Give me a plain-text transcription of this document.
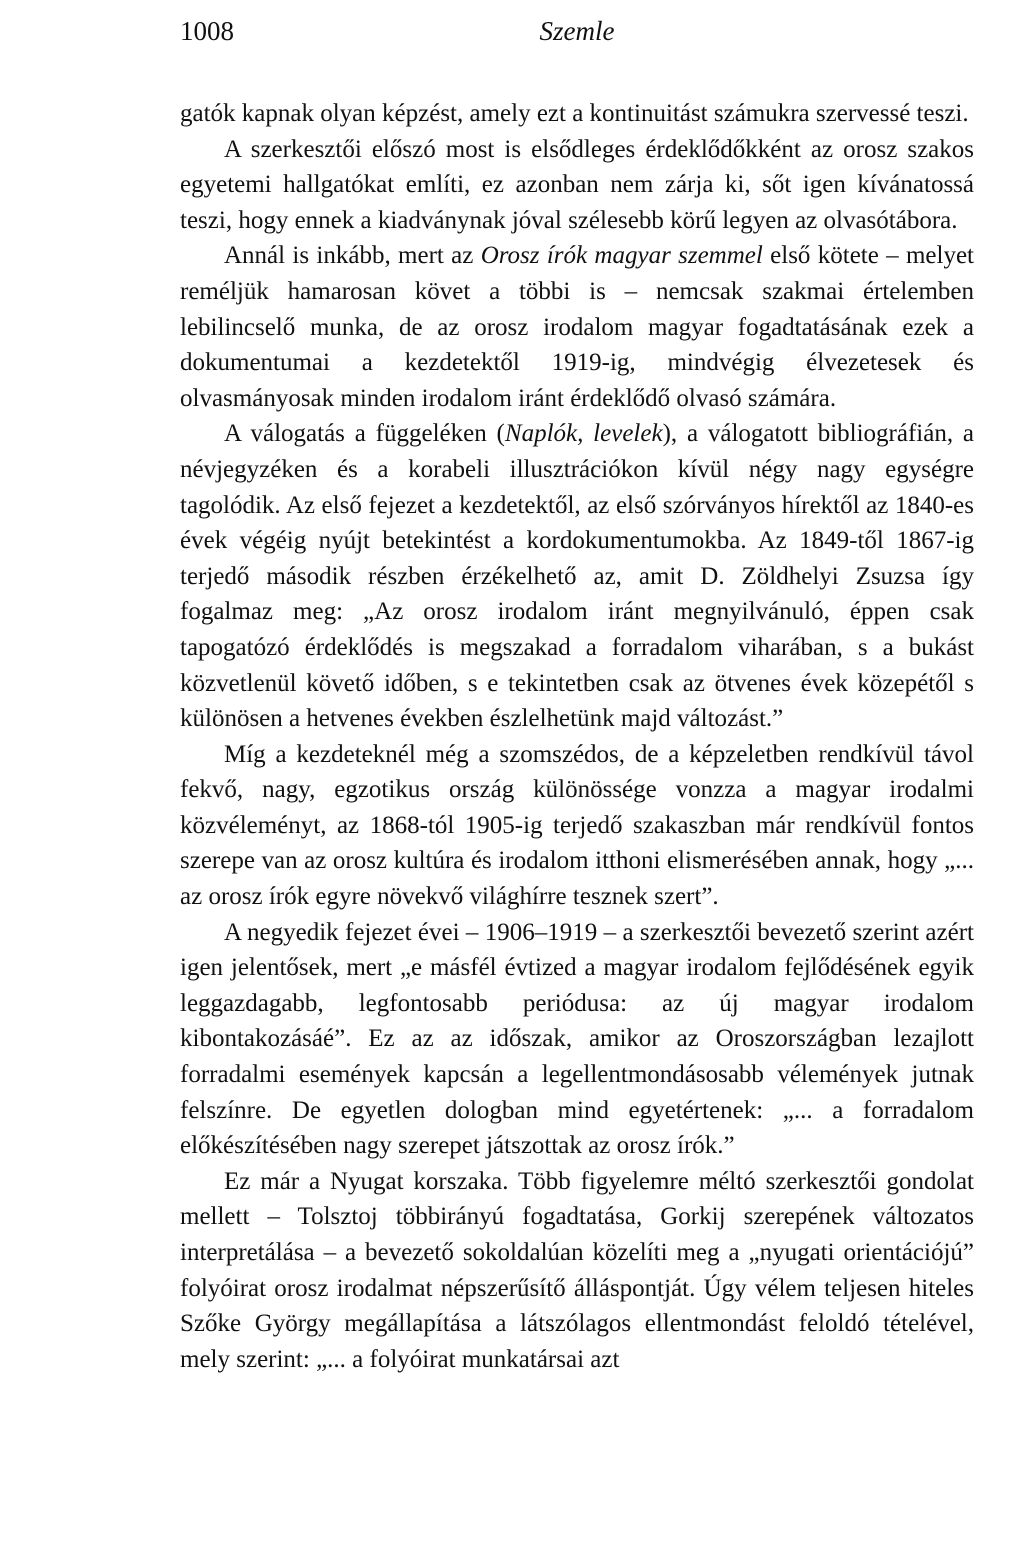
1008	Szemle

gatók kapnak olyan képzést, amely ezt a kontinuitást számukra szervessé teszi.

A szerkesztői előszó most is elsődleges érdeklődőkként az orosz szakos egyetemi hallgatókat említi, ez azonban nem zárja ki, sőt igen kívánatossá teszi, hogy ennek a kiadványnak jóval szélesebb körű legyen az olvasótábora.

Annál is inkább, mert az Orosz írók magyar szemmel első kötete – melyet reméljük hamarosan követ a többi is – nemcsak szakmai értelemben lebilincselő munka, de az orosz irodalom magyar fogadtatásának ezek a dokumentumai a kezdetektől 1919-ig, mindvégig élvezetesek és olvasmányosak minden irodalom iránt érdeklődő olvasó számára.

A válogatás a függeléken (Naplók, levelek), a válogatott bibliográfián, a névjegyzéken és a korabeli illusztrációkon kívül négy nagy egységre tagolódik. Az első fejezet a kezdetektől, az első szórványos hírektől az 1840-es évek végéig nyújt betekintést a kordokumentumokba. Az 1849-től 1867-ig terjedő második részben érzékelhető az, amit D. Zöldhelyi Zsuzsa így fogalmaz meg: „Az orosz irodalom iránt megnyilvánuló, éppen csak tapogatózó érdeklődés is megszakad a forradalom viharában, s a bukást közvetlenül követő időben, s e tekintetben csak az ötvenes évek közepétől s különösen a hetvenes években észlelhetünk majd változást.”

Míg a kezdeteknél még a szomszédos, de a képzeletben rendkívül távol fekvő, nagy, egzotikus ország különössége vonzza a magyar irodalmi közvéleményt, az 1868-tól 1905-ig terjedő szakaszban már rendkívül fontos szerepe van az orosz kultúra és irodalom itthoni elismerésében annak, hogy „... az orosz írók egyre növekvő világhírre tesznek szert”.

A negyedik fejezet évei – 1906–1919 – a szerkesztői bevezető szerint azért igen jelentősek, mert „e másfél évtized a magyar irodalom fejlődésének egyik leggazdagabb, legfontosabb periódusa: az új magyar irodalom kibontakozásáé”. Ez az az időszak, amikor az Oroszországban lezajlott forradalmi események kapcsán a legellentmondásosabb vélemények jutnak felszínre. De egyetlen dologban mind egyetértenek: „... a forradalom előkészítésében nagy szerepet játszottak az orosz írók.”

Ez már a Nyugat korszaka. Több figyelemre méltó szerkesztői gondolat mellett – Tolsztoj többirányú fogadtatása, Gorkij szerepének változatos interpretálása – a bevezető sokoldalúan közelíti meg a „nyugati orientációjú” folyóirat orosz irodalmat népszerűsítő álláspontját. Úgy vélem teljesen hiteles Szőke György megállapítása a látszólagos ellentmondást feloldó tételével, mely szerint: „... a folyóirat munkatársai azt
